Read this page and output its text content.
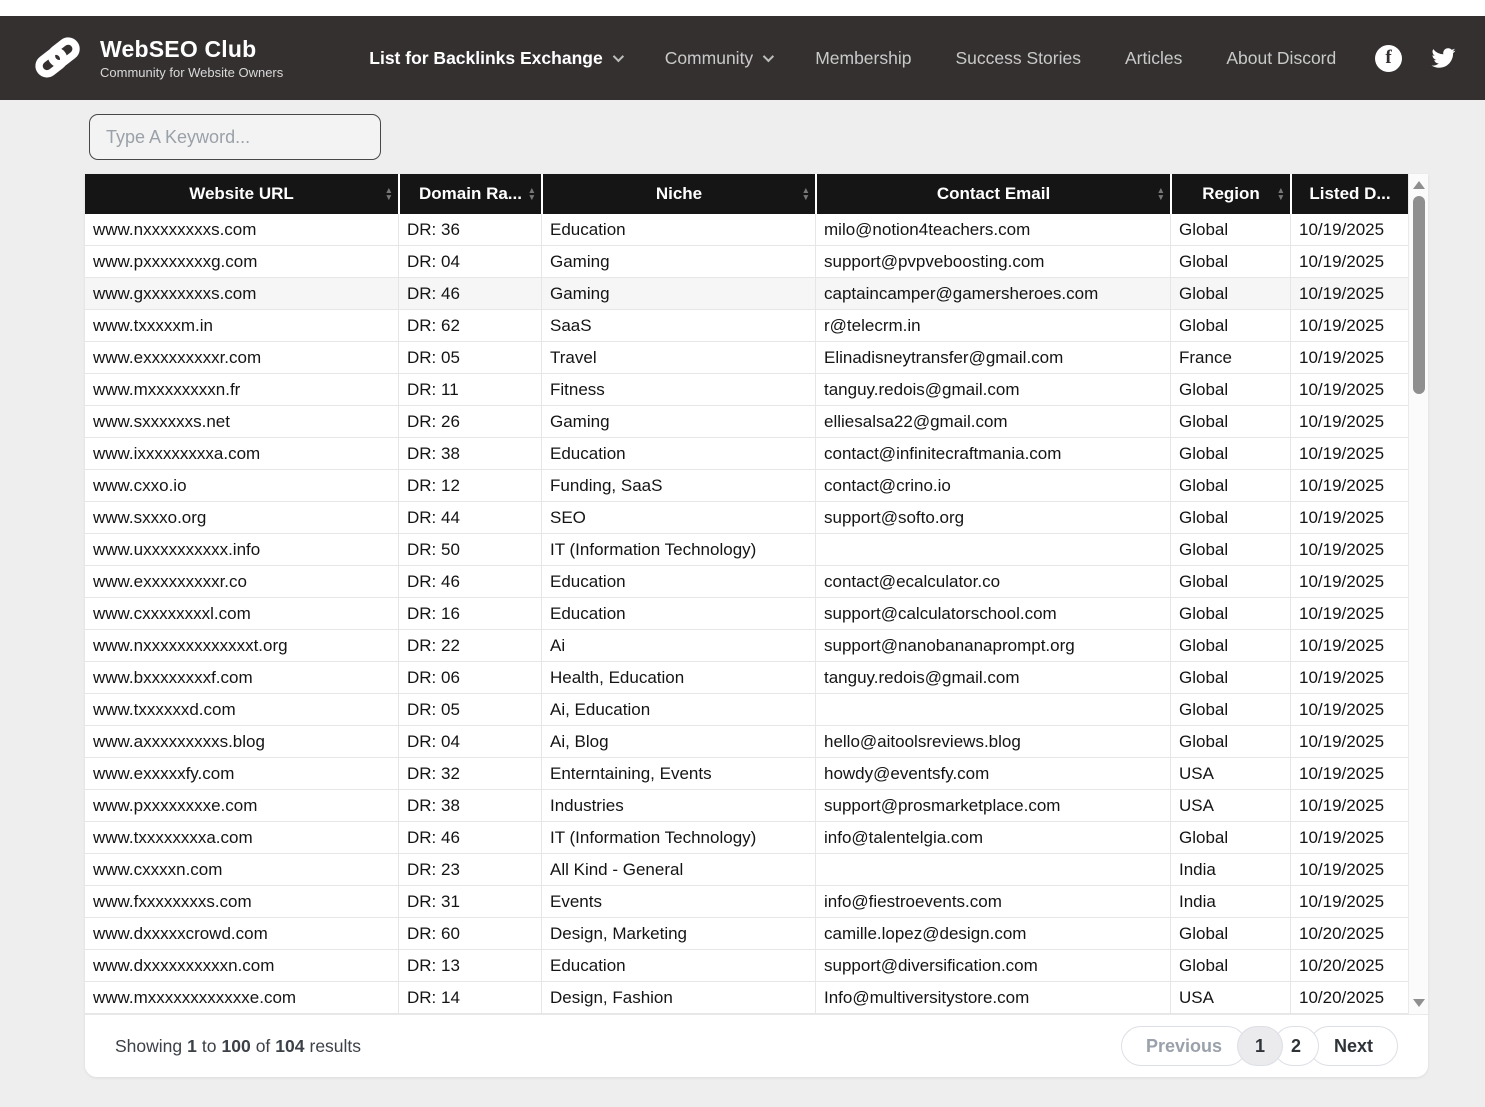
WebSEO Club
Community for Website Owners
List for Backlinks Exchange	Community	Membership	Success Stories	Articles	About Discord	f
Type A Keyword...
Website URL ▲ ▼	Domain Ra... ▲ ▼	Niche ▲ ▼	Contact Email ▲ ▼	Region ▲ ▼	Listed D...
www.nxxxxxxxxs.com	DR: 36	Education	milo@notion4teachers.com	Global	10/19/2025
www.pxxxxxxxxg.com	DR: 04	Gaming	support@pvpveboosting.com	Global	10/19/2025
www.gxxxxxxxxs.com	DR: 46	Gaming	captaincamper@gamersheroes.com	Global	10/19/2025
www.txxxxxm.in	DR: 62	SaaS	r@telecrm.in	Global	10/19/2025
www.exxxxxxxxxr.com	DR: 05	Travel	Elinadisneytransfer@gmail.com	France	10/19/2025
www.mxxxxxxxxn.fr	DR: 11	Fitness	tanguy.redois@gmail.com	Global	10/19/2025
www.sxxxxxxs.net	DR: 26	Gaming	elliesalsa22@gmail.com	Global	10/19/2025
www.ixxxxxxxxxa.com	DR: 38	Education	contact@infinitecraftmania.com	Global	10/19/2025
www.cxxo.io	DR: 12	Funding, SaaS	contact@crino.io	Global	10/19/2025
www.sxxxo.org	DR: 44	SEO	support@softo.org	Global	10/19/2025
www.uxxxxxxxxxx.info	DR: 50	IT (Information Technology)	Global	10/19/2025
www.exxxxxxxxxr.co	DR: 46	Education	contact@ecalculator.co	Global	10/19/2025
www.cxxxxxxxxl.com	DR: 16	Education	support@calculatorschool.com	Global	10/19/2025
www.nxxxxxxxxxxxxxt.org	DR: 22	Ai	support@nanobananaprompt.org	Global	10/19/2025
www.bxxxxxxxxf.com	DR: 06	Health, Education	tanguy.redois@gmail.com	Global	10/19/2025
www.txxxxxxd.com	DR: 05	Ai, Education	Global	10/19/2025
www.axxxxxxxxxs.blog	DR: 04	Ai, Blog	hello@aitoolsreviews.blog	Global	10/19/2025
www.exxxxxfy.com	DR: 32	Enterntaining, Events	howdy@eventsfy.com	USA	10/19/2025
www.pxxxxxxxxe.com	DR: 38	Industries	support@prosmarketplace.com	USA	10/19/2025
www.txxxxxxxxa.com	DR: 46	IT (Information Technology)	info@talentelgia.com	Global	10/19/2025
www.cxxxxn.com	DR: 23	All Kind - General	India	10/19/2025
www.fxxxxxxxxs.com	DR: 31	Events	info@fiestroevents.com	India	10/19/2025
www.dxxxxxcrowd.com	DR: 60	Design, Marketing	camille.lopez@design.com	Global	10/20/2025
www.dxxxxxxxxxxn.com	DR: 13	Education	support@diversification.com	Global	10/20/2025
www.mxxxxxxxxxxxxe.com	DR: 14	Design, Fashion	Info@multiversitystore.com	USA	10/20/2025
Showing 1 to 100 of 104 results	Previous	1	2	Next
